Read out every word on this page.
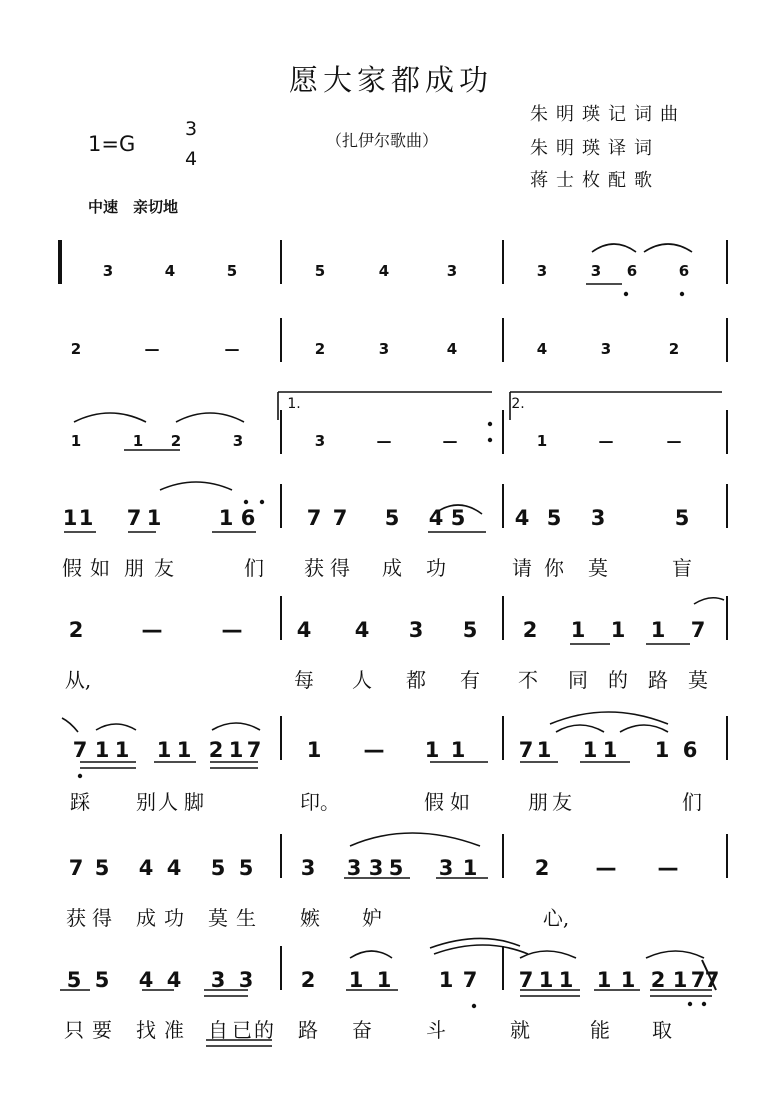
愿大家都成功
1=G
3
4
（扎伊尔歌曲）
朱明瑛记词曲
朱明瑛译词
蒋士枚配歌
中速　亲切地
3	4	5	5	4	3	3	3 6	6
2	—	—	2	3	4	4	3	2
1.	2.
1	1 2	3	3	—	—	1	—	—
1 1 7 1	1 6 7 7 5 4 5 4 5 3	5
2	—	—	4 4 3 5 2 1 1 1 7
7 1 1 1 1 2 1 7 1 — 1 1	7 1 1 1 1 6
7 5 4 4 5 5 3 3 3 5 3 1	2 — —
5 5 4 4 3 3 2 1 1 1 7 7 1 1 1 1 2 1 7 7
假 如 朋 友	们 获 得 成 功	请 你 莫	盲
从,	每 人 都 有 不 同 的 路 莫
踩 别 人 脚	印。	假 如	朋 友	们
获 得 成 功 莫 生 嫉 妒	心,
只 要 找 准 自 已 的 路 奋	斗	就	能 取
